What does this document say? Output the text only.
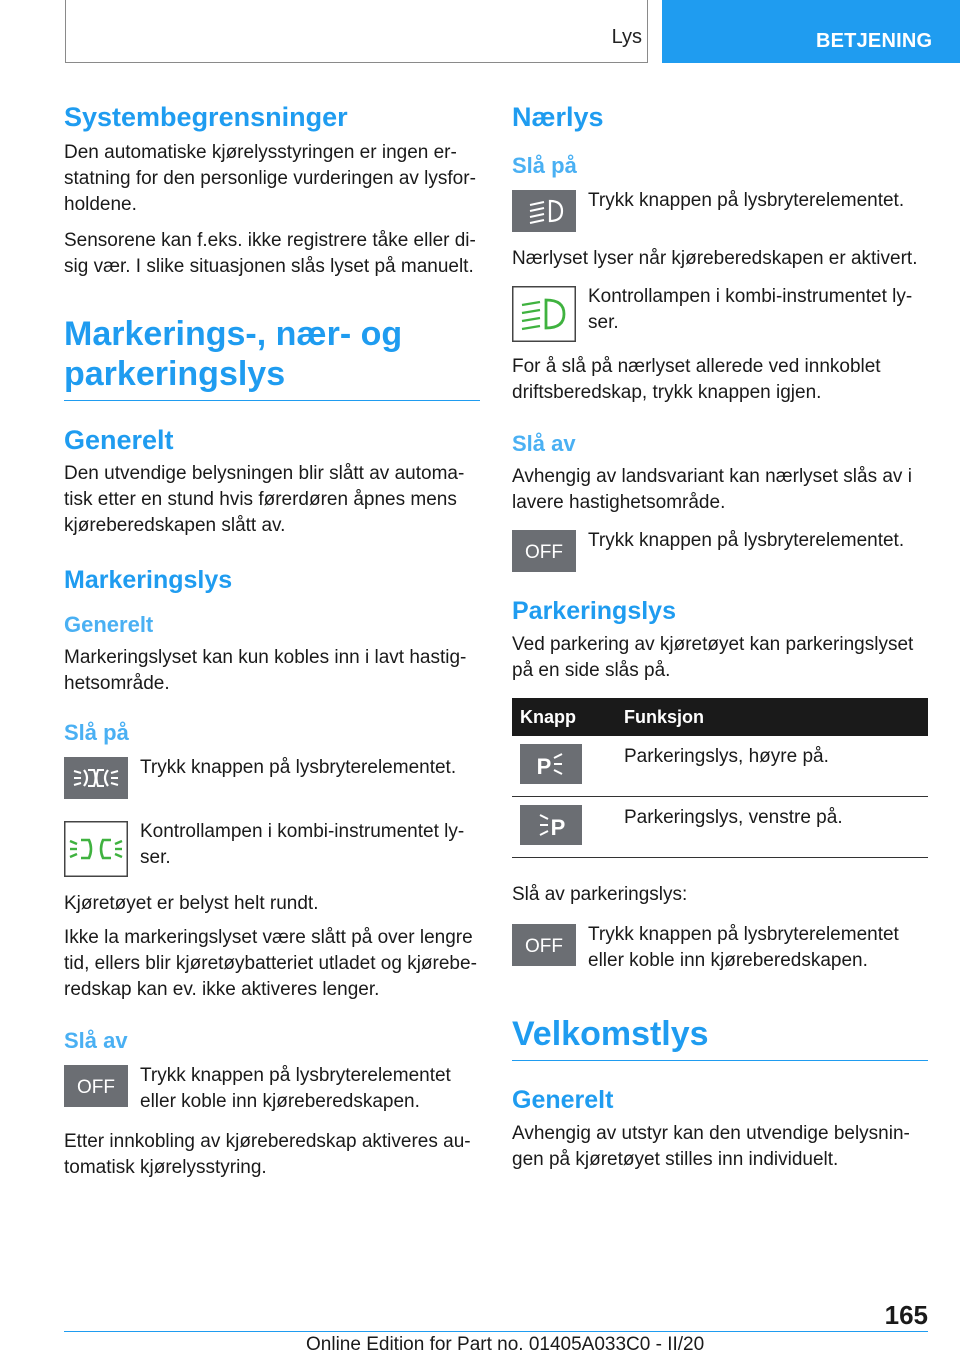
Lys	BETJENING
Systembegrensninger

Den automatiske kjørelysstyringen er ingen erstatning for den personlige vurderingen av lysforholdene.

Sensorene kan f.eks. ikke registrere tåke eller disig vær. I slike situasjonen slås lyset på manuelt.

Markerings-, nær- og
parkeringslys
Generelt

Den utvendige belysningen blir slått av automatisk etter en stund hvis førerdøren åpnes mens kjøreberedskapen slått av.

Markeringslys
Generelt

Markeringslyset kan kun kobles inn i lavt hastighetsområde.

Slå på
Trykk knappen på lysbryterelementet.
Kontrollampen i kombi-instrumentet lyser.

Kjøretøyet er belyst helt rundt.

Ikke la markeringslyset være slått på over lengre tid, ellers blir kjøretøybatteriet utladet og kjøreberedskap kan ev. ikke aktiveres lenger.

Slå av
OFF
Trykk knappen på lysbryterelementet eller koble inn kjøreberedskapen.

Etter innkobling av kjøreberedskap aktiveres automatisk kjørelysstyring.

Nærlys
Slå på
Trykk knappen på lysbryterelementet.

Nærlyset lyser når kjøreberedskapen er aktivert.

Kontrollampen i kombi-instrumentet lyser.

For å slå på nærlyset allerede ved innkoblet driftsberedskap, trykk knappen igjen.

Slå av

Avhengig av landsvariant kan nærlyset slås av i lavere hastighetsområde.

OFF
Trykk knappen på lysbryterelementet.
Parkeringslys

Ved parkering av kjøretøyet kan parkeringslyset på en side slås på.

Knapp	Funksjon

P	Parkeringslys, høyre på.

P	Parkeringslys, venstre på.

Slå av parkeringslys:

OFF
Trykk knappen på lysbryterelementet eller koble inn kjøreberedskapen.
Velkomstlys
Generelt

Avhengig av utstyr kan den utvendige belysningen på kjøretøyet stilles inn individuelt.

165
Online Edition for Part no. 01405A033C0 - II/20
